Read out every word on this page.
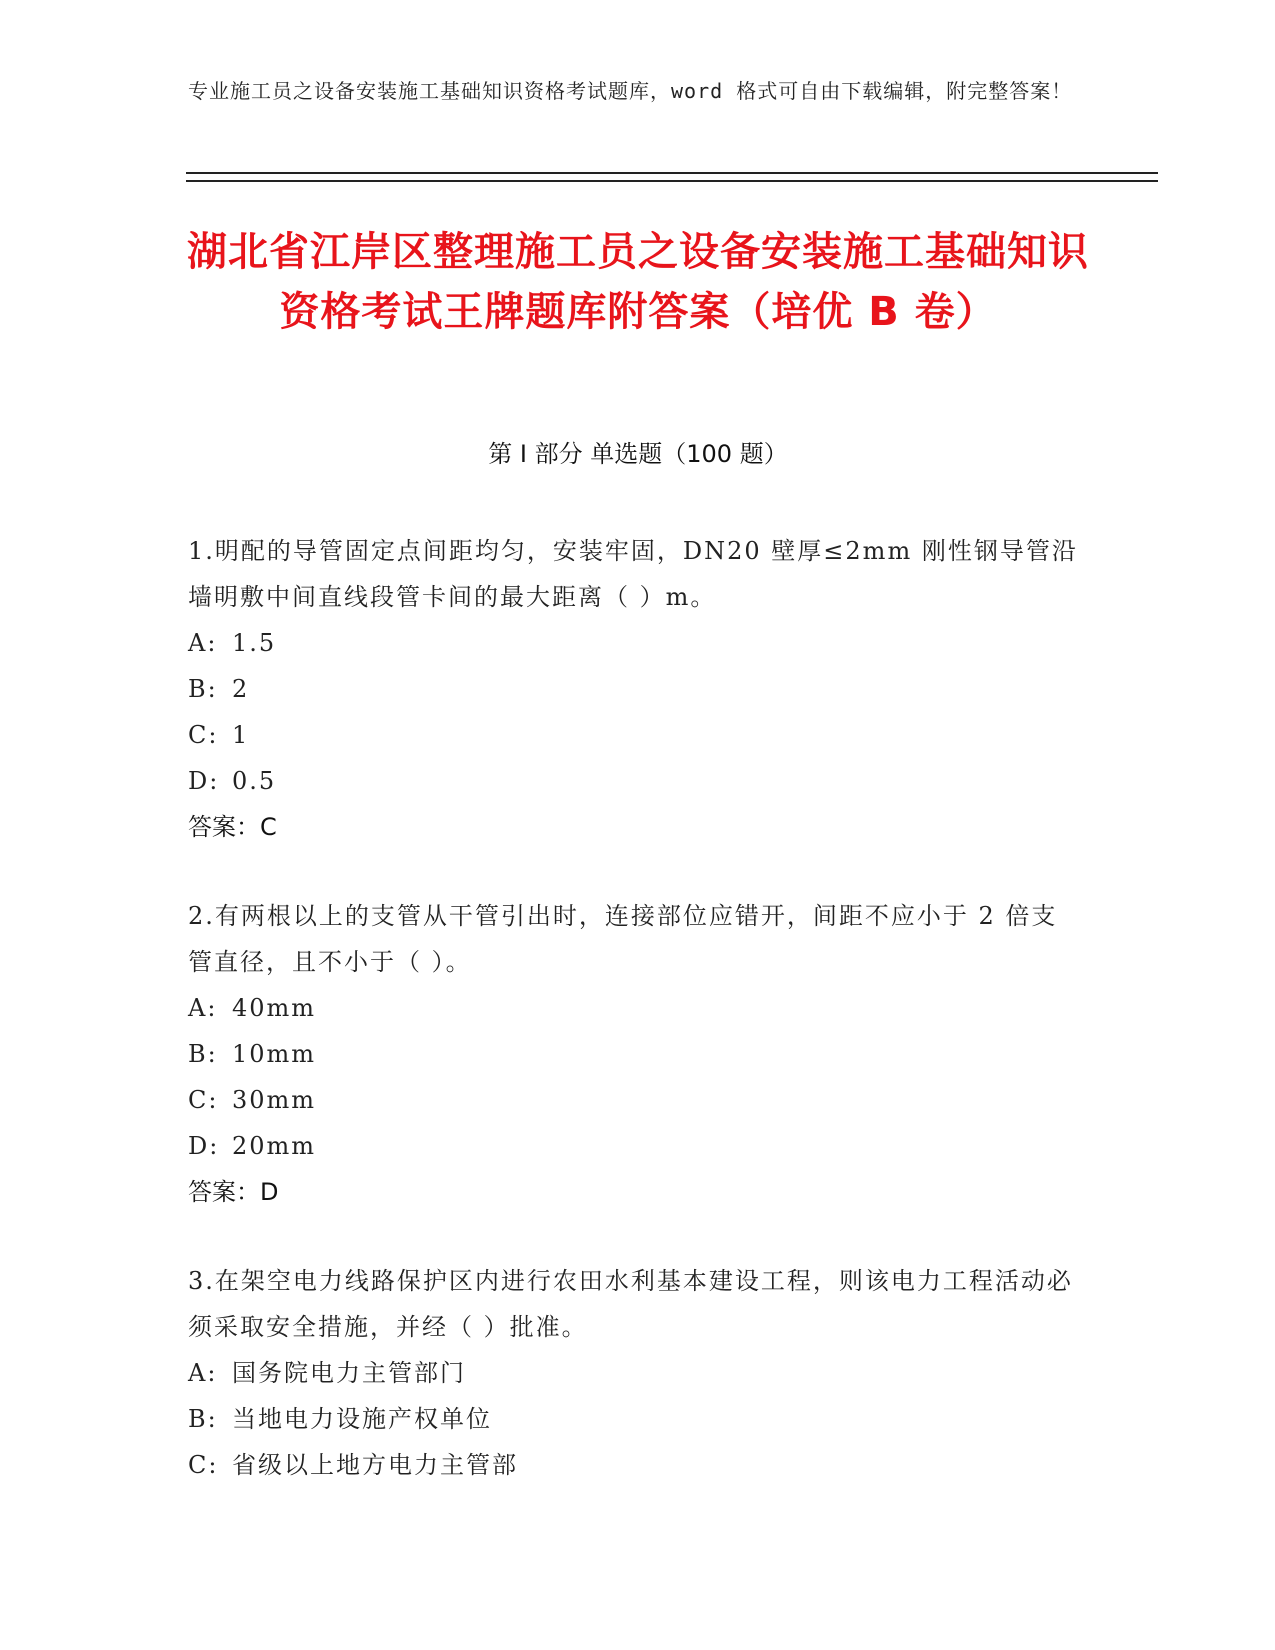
专业施工员之设备安装施工基础知识资格考试题库，word 格式可自由下载编辑，附完整答案！
湖北省江岸区整理施工员之设备安装施工基础知识资格考试王牌题库附答案（培优 B 卷）
第 I 部分 单选题（100 题）
1.明配的导管固定点间距均匀，安装牢固，DN20 壁厚≤2mm 刚性钢导管沿墙明敷中间直线段管卡间的最大距离（ ）m。
A: 1.5
B: 2
C: 1
D: 0.5
答案：C
2.有两根以上的支管从干管引出时，连接部位应错开，间距不应小于 2 倍支管直径，且不小于（ ）。
A: 40mm
B: 10mm
C: 30mm
D: 20mm
答案：D
3.在架空电力线路保护区内进行农田水利基本建设工程，则该电力工程活动必须采取安全措施，并经（ ）批准。
A: 国务院电力主管部门
B: 当地电力设施产权单位
C: 省级以上地方电力主管部
